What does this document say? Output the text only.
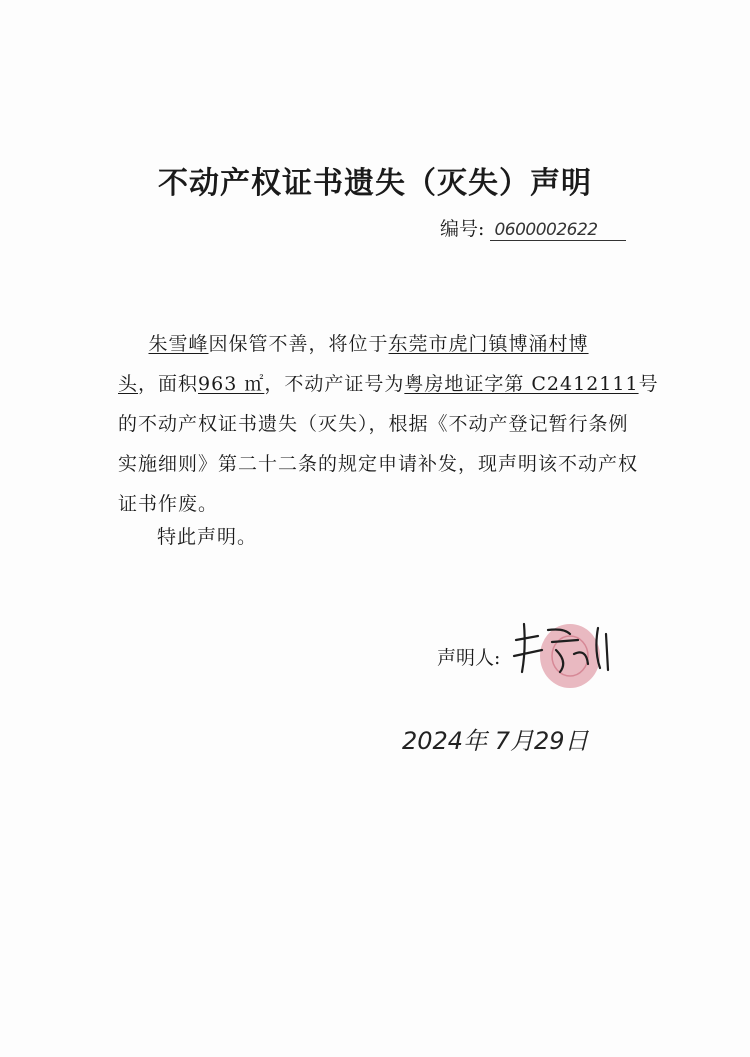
不动产权证书遗失（灭失）声明
编号: 0600002622
  朱雪峰因保管不善，将位于东莞市虎门镇博涌村博
头，面积963 ㎡，不动产证号为粤房地证字第 C2412111号
的不动产权证书遗失（灭失），根据《不动产登记暂行条例
实施细则》第二十二条的规定申请补发，现声明该不动产权
证书作废。
特此声明。
声明人:
2024年 7月29日
